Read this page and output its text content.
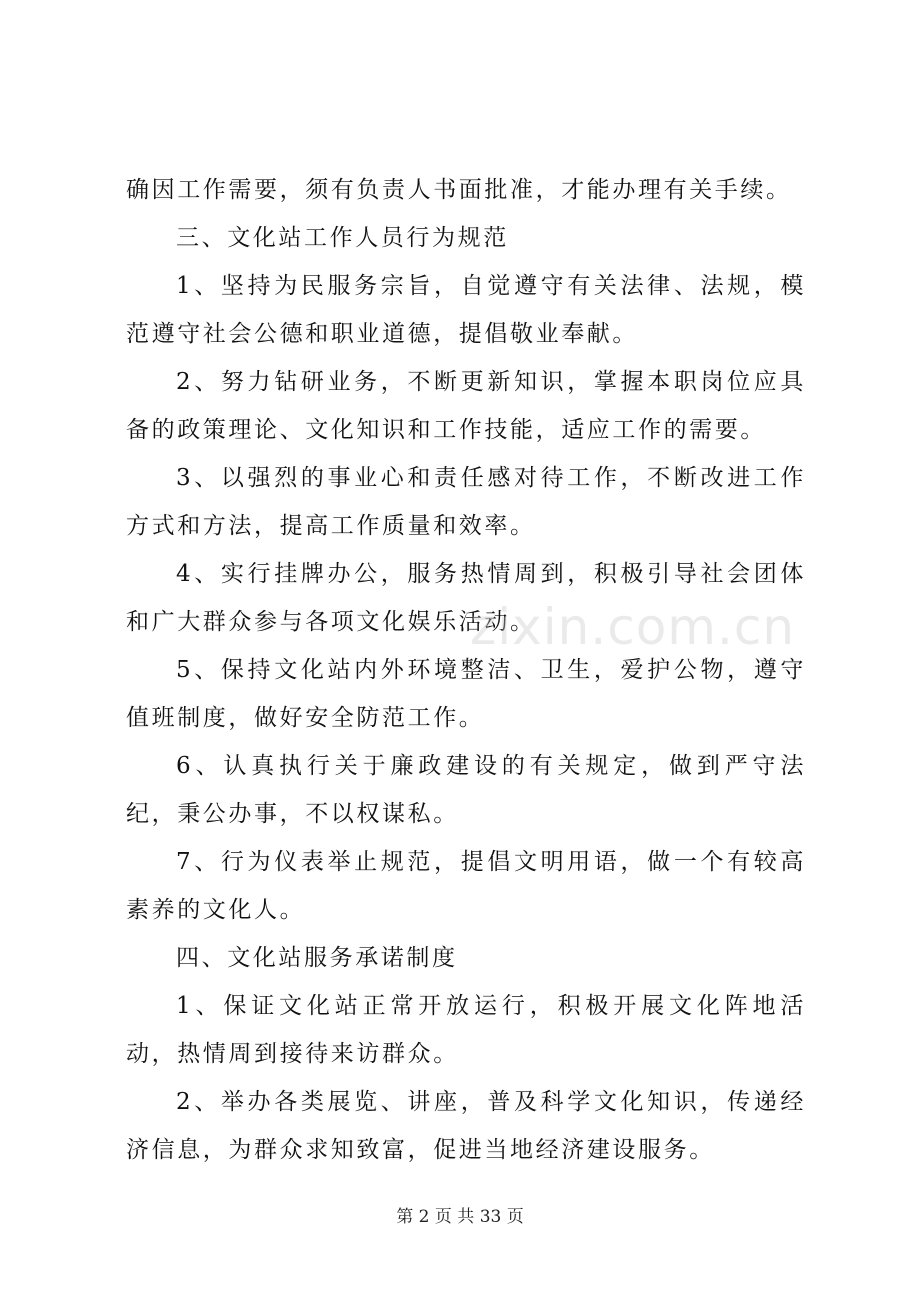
确因工作需要，须有负责人书面批准，才能办理有关手续。

三、文化站工作人员行为规范

1、坚持为民服务宗旨，自觉遵守有关法律、法规，模范遵守社会公德和职业道德，提倡敬业奉献。

2、努力钻研业务，不断更新知识，掌握本职岗位应具备的政策理论、文化知识和工作技能，适应工作的需要。

3、以强烈的事业心和责任感对待工作，不断改进工作方式和方法，提高工作质量和效率。

4、实行挂牌办公，服务热情周到，积极引导社会团体和广大群众参与各项文化娱乐活动。

5、保持文化站内外环境整洁、卫生，爱护公物，遵守值班制度，做好安全防范工作。

6、认真执行关于廉政建设的有关规定，做到严守法纪，秉公办事，不以权谋私。

7、行为仪表举止规范，提倡文明用语，做一个有较高素养的文化人。

四、文化站服务承诺制度

1、保证文化站正常开放运行，积极开展文化阵地活动，热情周到接待来访群众。

2、举办各类展览、讲座，普及科学文化知识，传递经济信息，为群众求知致富，促进当地经济建设服务。

zixin.com.cn
第 2 页 共 33 页
